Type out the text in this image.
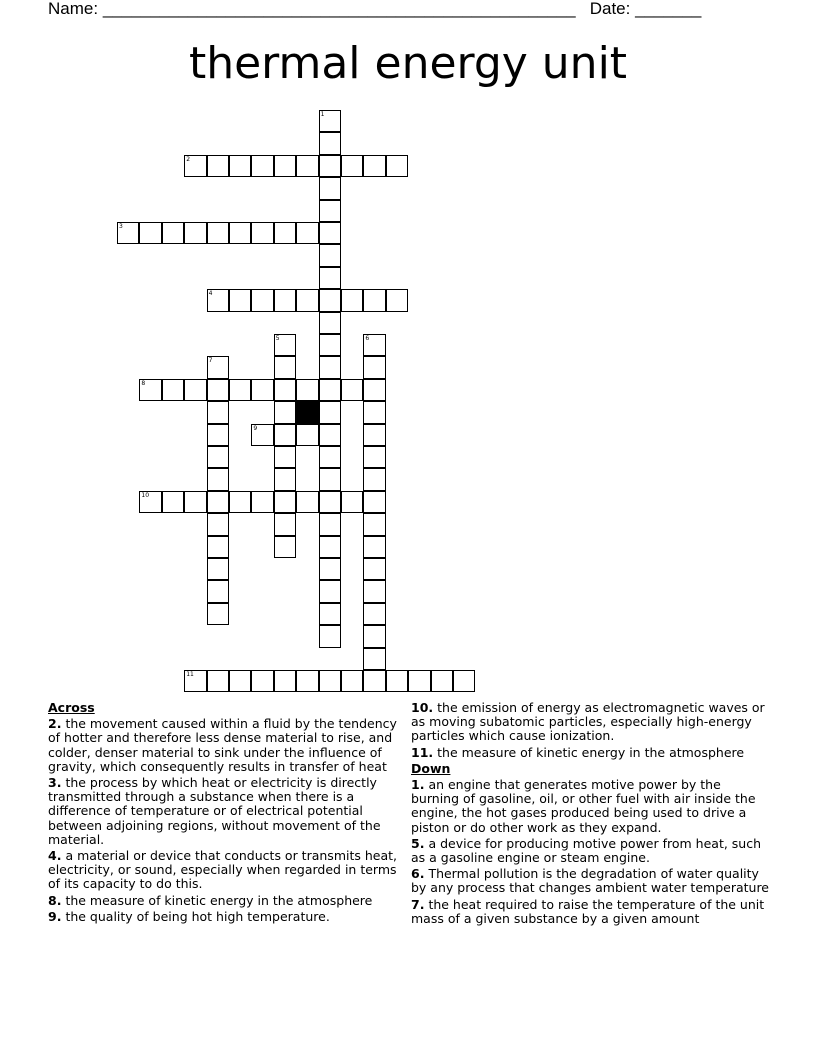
Name: __________________________________________________ Date: _______
thermal energy unit
1
2
3
4
5	6
7
8
9
10
11
Across
2. the movement caused within a fluid by the tendency of hotter and therefore less dense material to rise, and colder, denser material to sink under the influence of gravity, which consequently results in transfer of heat
3. the process by which heat or electricity is directly transmitted through a substance when there is a difference of temperature or of electrical potential between adjoining regions, without movement of the material.
4. a material or device that conducts or transmits heat, electricity, or sound, especially when regarded in terms of its capacity to do this.
8. the measure of kinetic energy in the atmosphere
9. the quality of being hot high temperature.
10. the emission of energy as electromagnetic waves or as moving subatomic particles, especially high-energy particles which cause ionization.
11. the measure of kinetic energy in the atmosphere
Down
1. an engine that generates motive power by the burning of gasoline, oil, or other fuel with air inside the engine, the hot gases produced being used to drive a piston or do other work as they expand.
5. a device for producing motive power from heat, such as a gasoline engine or steam engine.
6. Thermal pollution is the degradation of water quality by any process that changes ambient water temperature
7. the heat required to raise the temperature of the unit mass of a given substance by a given amount
